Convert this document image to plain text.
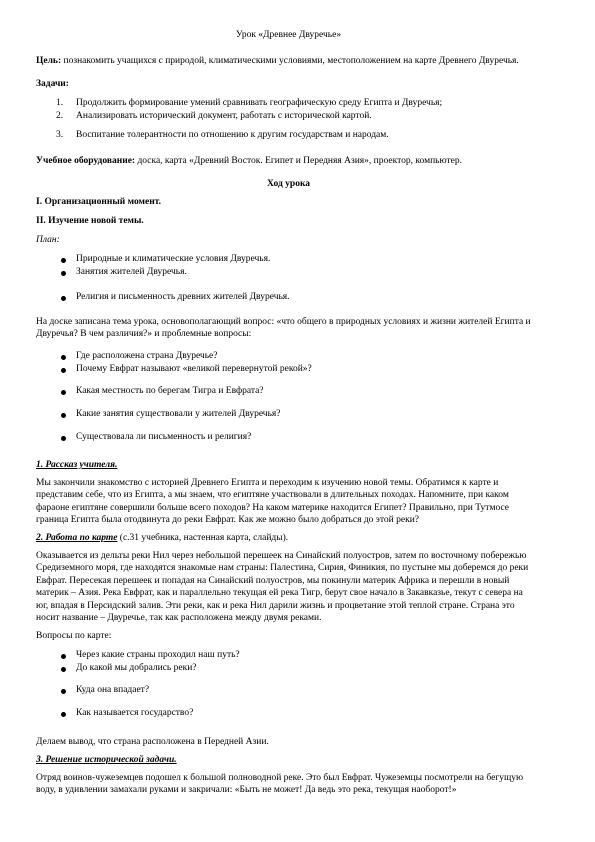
Урок «Древнее Двуречье»
Цель: познакомить учащихся с природой, климатическими условиями, местоположением на карте Древнего Двуречья.
Задачи:
1.	Продолжить формирование умений сравнивать географическую среду Египта и Двуречья;
2.	Анализировать исторический документ, работать с исторической картой.
3.	Воспитание толерантности по отношению к другим государствам и народам.
Учебное оборудование: доска, карта «Древний Восток. Египет и Передняя Азия», проектор, компьютер.
Ход урока
I. Организационный момент.
II. Изучение новой темы.
План:
Природные и климатические условия Двуречья.
Занятия жителей Двуречья.
Религия и письменность древних жителей Двуречья.
На доске записана тема урока, основополагающий вопрос: «что общего в природных условиях и жизни жителей Египта и
Двуречья? В чем различия?» и проблемные вопросы:
Где расположена страна Двуречье?
Почему Евфрат называют «великой перевернутой рекой»?
Какая местность по берегам Тигра и Евфрата?
Какие занятия существовали у жителей Двуречья?
Существовала ли письменность и религия?
1. Рассказ учителя.
Мы закончили знакомство с историей Древнего Египта и переходим к изучению новой темы. Обратимся к карте и
представим себе, что из Египта, а мы знаем, что египтяне участвовали в длительных походах. Напомните, при каком
фараоне египтяне совершили больше всего походов? На каком материке находится Египет? Правильно, при Тутмосе
граница Египта была отодвинута до реки Евфрат. Как же можно было добраться до этой реки?
2. Работа по карте (с.31 учебника, настенная карта, слайды).
Оказывается из дельты реки Нил через небольшой перешеек на Синайский полуостров, затем по восточному побережью
Средиземного моря, где находятся знакомые нам страны: Палестина, Сирия, Финикия, по пустыне мы доберемся до реки
Евфрат. Пересекая перешеек и попадая на Синайский полуостров, мы покинули материк Африка и перешли в новый
материк – Азия. Река Евфрат, как и параллельно текущая ей река Тигр, берут свое начало в Закавказье, текут с севера на
юг, впадая в Персидский залив. Эти реки, как и река Нил дарили жизнь и процветание этой теплой стране. Страна это
носит название – Двуречье, так как расположена между двумя реками.
Вопросы по карте:
Через какие страны проходил наш путь?
До какой мы добрались реки?
Куда она впадает?
Как называется государство?
Делаем вывод, что страна расположена в Передней Азии.
3. Решение исторической задачи.
Отряд воинов-чужеземцев подошел к большой полноводной реке. Это был Евфрат. Чужеземцы посмотрели на бегущую
воду, в удивлении замахали руками и закричали: «Быть не может! Да ведь это река, текущая наоборот!»
